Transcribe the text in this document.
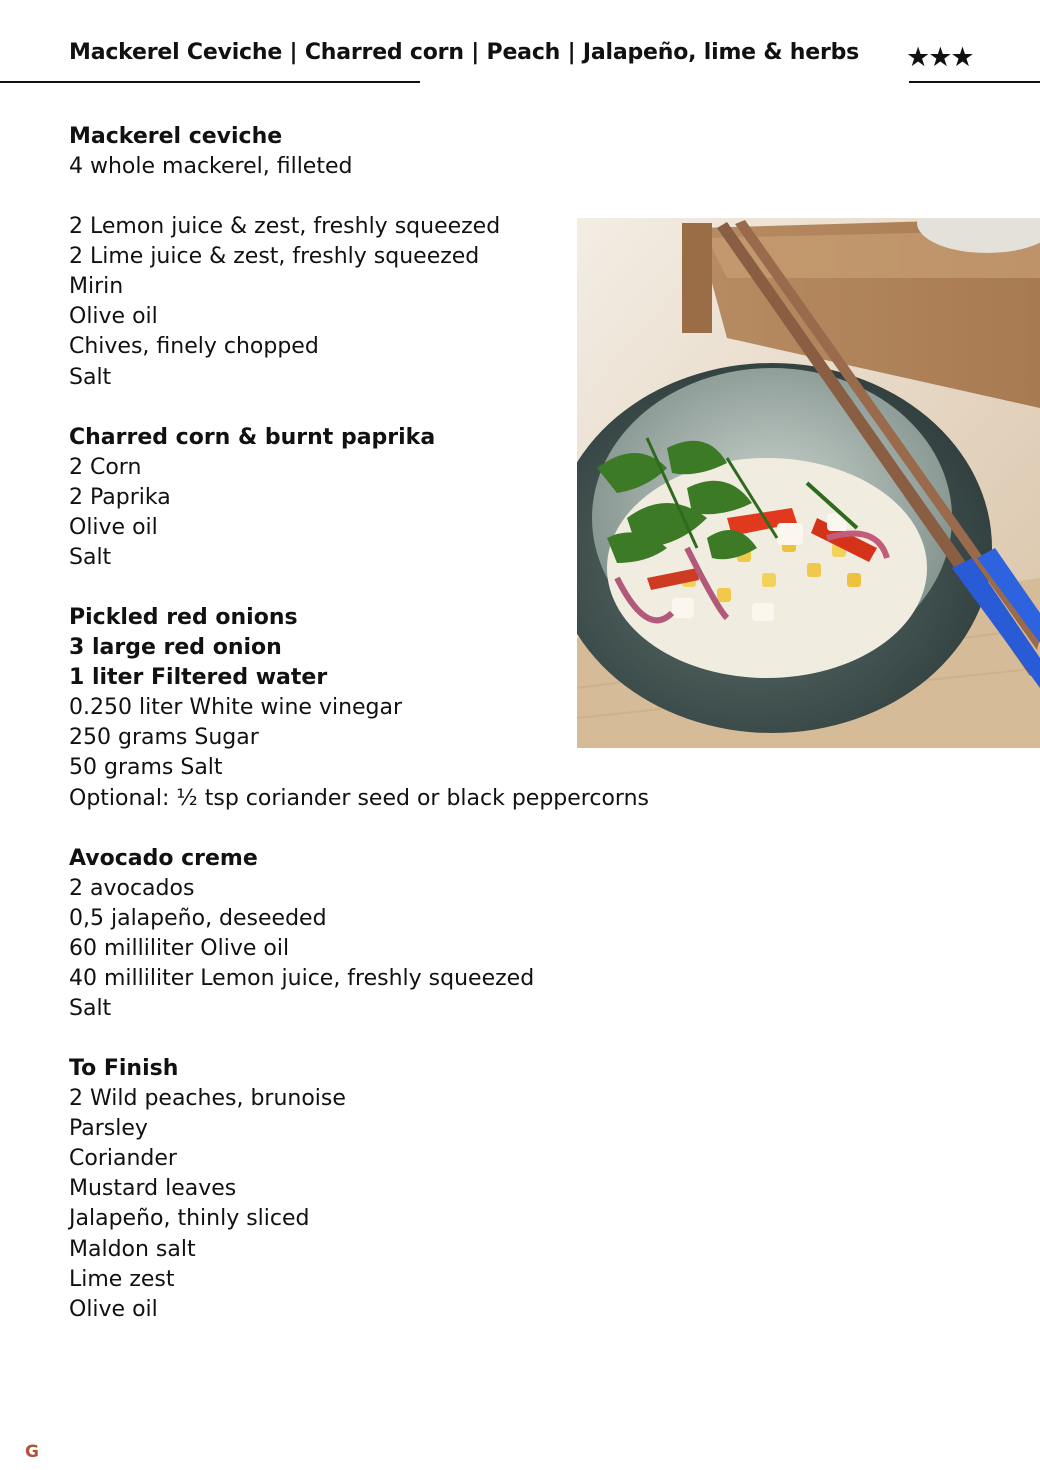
Mackerel Ceviche | Charred corn | Peach | Jalapeño, lime & herbs ★★★
Mackerel ceviche
4 whole mackerel, filleted
2 Lemon juice & zest, freshly squeezed
2 Lime juice & zest, freshly squeezed
Mirin
Olive oil
Chives, finely chopped
Salt
Charred corn & burnt paprika
2 Corn
2 Paprika
Olive oil
Salt
Pickled red onions
3 large red onion
1 liter Filtered water
0.250 liter White wine vinegar
250 grams Sugar
50 grams Salt
Optional: ½ tsp coriander seed or black peppercorns
Avocado creme
2 avocados
0,5 jalapeño, deseeded
60 milliliter Olive oil
40 milliliter Lemon juice, freshly squeezed
Salt
To Finish
2 Wild peaches, brunoise
Parsley
Coriander
Mustard leaves
Jalapeño, thinly sliced
Maldon salt
Lime zest
Olive oil
G
